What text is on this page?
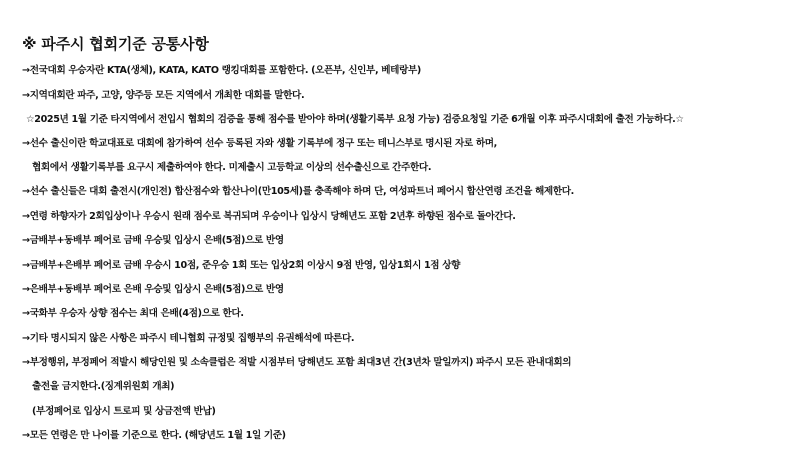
※ 파주시 협회기준 공통사항
→전국대회 우승자란 KTA(생체), KATA, KATO 랭킹대회를 포함한다. (오픈부, 신인부, 베테랑부)
→지역대회란 파주, 고양, 양주등 모든 지역에서 개최한 대회를 말한다.
☆2025년 1월 기준 타지역에서 전입시 협회의 검증을 통해 점수를 받아야 하며(생활기록부 요청 가능) 검증요청일 기준 6개월 이후 파주시대회에 출전 가능하다.☆
→선수 출신이란 학교대표로 대회에 참가하여 선수 등록된 자와 생활 기록부에 정구 또는 테니스부로 명시된 자로 하며,
협회에서 생활기록부를 요구시 제출하여야 한다. 미제출시 고등학교 이상의 선수출신으로 간주한다.
→선수 출신들은 대회 출전시(개인전) 합산점수와 합산나이(만105세)를 충족해야 하며 단, 여성파트너 페어시 합산연령 조건을 해제한다.
→연령 하향자가 2회입상이나 우승시 원래 점수로 복귀되며 우승이나 입상시 당해년도 포함 2년후 하향된 점수로 돌아간다.
→금배부+동배부 페어로 금배 우승및 입상시 은배(5점)으로 반영
→금배부+은배부 페어로 금배 우승시 10점, 준우승 1회 또는 입상2회 이상시 9점 반영, 입상1회시 1점 상향
→은배부+동배부 페어로 은배 우승및 입상시 은배(5점)으로 반영
→국화부 우승자 상향 점수는 최대 은배(4점)으로 한다.
→기타 명시되지 않은 사항은 파주시 테니협회 규정및 집행부의 유권해석에 따른다.
→부정행위, 부정페어 적발시 해당인원 및 소속클럽은 적발 시점부터 당해년도 포함 최대3년 간(3년차 말일까지) 파주시 모든 관내대회의
출전을 금지한다.(징계위원회 개최)
(부정페어로 입상시 트로피 및 상금전액 반납)
→모든 연령은 만 나이를 기준으로 한다. (해당년도 1월 1일 기준)
